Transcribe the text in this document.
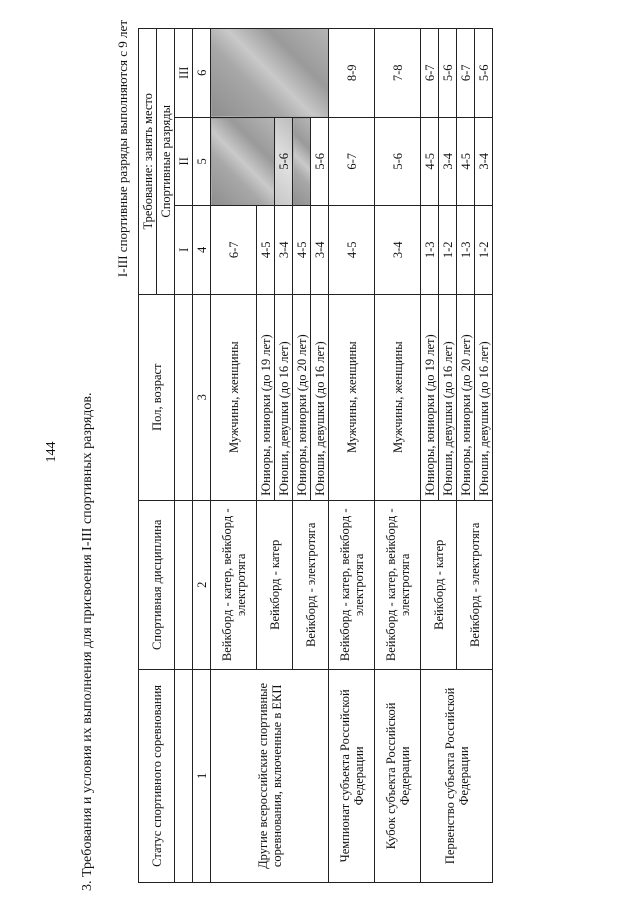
144 3. Требования и условия их выполнения для присвоения I-III спортивных разрядов.
I-III спортивные разряды выполняются с 9 лет
Статус спортивного соревнования	Спортивная дисциплина	Пол, возраст	Требование: занять место		
			Спортивные разряды		
			I	II	III

1	2	3	4	5	6
Другие всероссийские спортивные соревнования, включенные в ЕКП	Вейкборд - катер, вейкборд - электротяга	Мужчины, женщины	6-7		
	Вейкборд - катер	Юниоры, юниорки (до 19 лет)	4-5		
		Юноши, девушки (до 16 лет)	3-4	5-6	
	Вейкборд - электротяга	Юниоры, юниорки (до 20 лет)	4-5		
		Юноши, девушки (до 16 лет)	3-4	5-6	
Чемпионат субъекта Российской Федерации	Вейкборд - катер, вейкборд - электротяга	Мужчины, женщины	4-5	6-7	8-9
Кубок субъекта Российской Федерации	Вейкборд - катер, вейкборд - электротяга	Мужчины, женщины	3-4	5-6	7-8
Первенство субъекта Российской Федерации	Вейкборд - катер	Юниоры, юниорки (до 19 лет)	1-3	4-5	6-7
		Юноши, девушки (до 16 лет)	1-2	3-4	5-6
	Вейкборд - электротяга	Юниоры, юниорки (до 20 лет)	1-3	4-5	6-7
		Юноши, девушки (до 16 лет)	1-2	3-4	5-6
